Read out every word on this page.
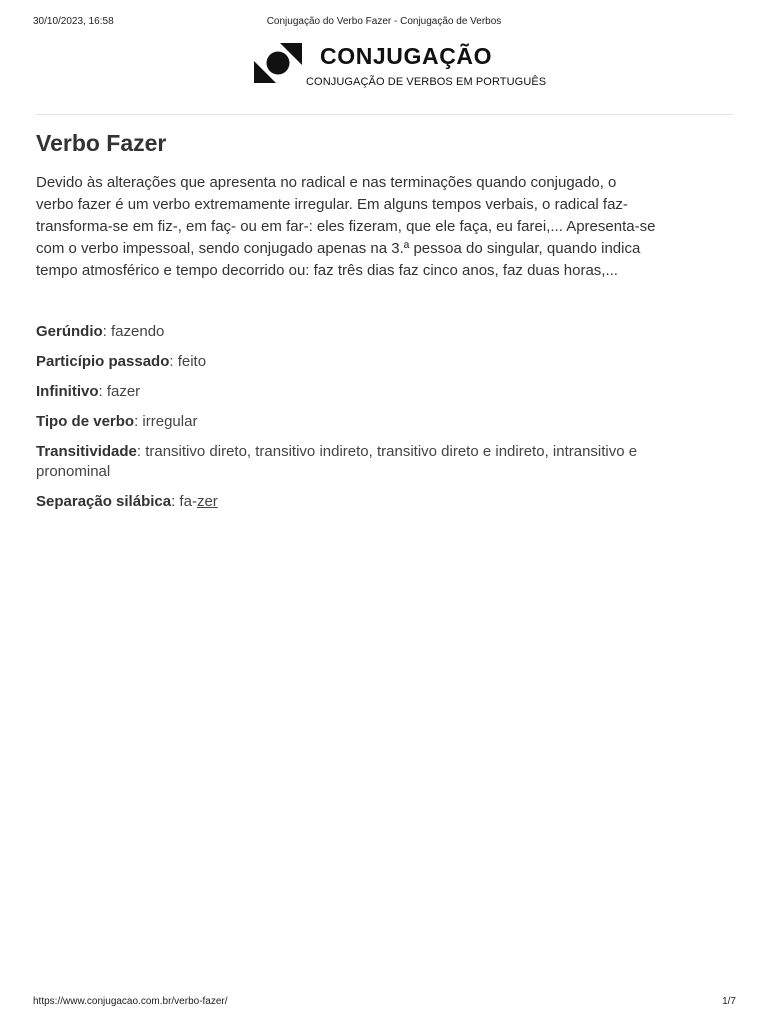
30/10/2023, 16:58	Conjugação do Verbo Fazer - Conjugação de Verbos
CONJUGAÇÃO
CONJUGAÇÃO DE VERBOS EM PORTUGUÊS
Verbo Fazer

Devido às alterações que apresenta no radical e nas terminações quando conjugado, o verbo fazer é um verbo extremamente irregular. Em alguns tempos verbais, o radical faz- transforma-se em fiz-, em faç- ou em far-: eles fizeram, que ele faça, eu farei,... Apresenta-se com o verbo impessoal, sendo conjugado apenas na 3.ª pessoa do singular, quando indica tempo atmosférico e tempo decorrido ou: faz três dias faz cinco anos, faz duas horas,...

Gerúndio: fazendo
Particípio passado: feito
Infinitivo: fazer
Tipo de verbo: irregular
Transitividade: transitivo direto, transitivo indireto, transitivo direto e indireto, intransitivo e pronominal
Separação silábica: fa-zer
https://www.conjugacao.com.br/verbo-fazer/	1/7
